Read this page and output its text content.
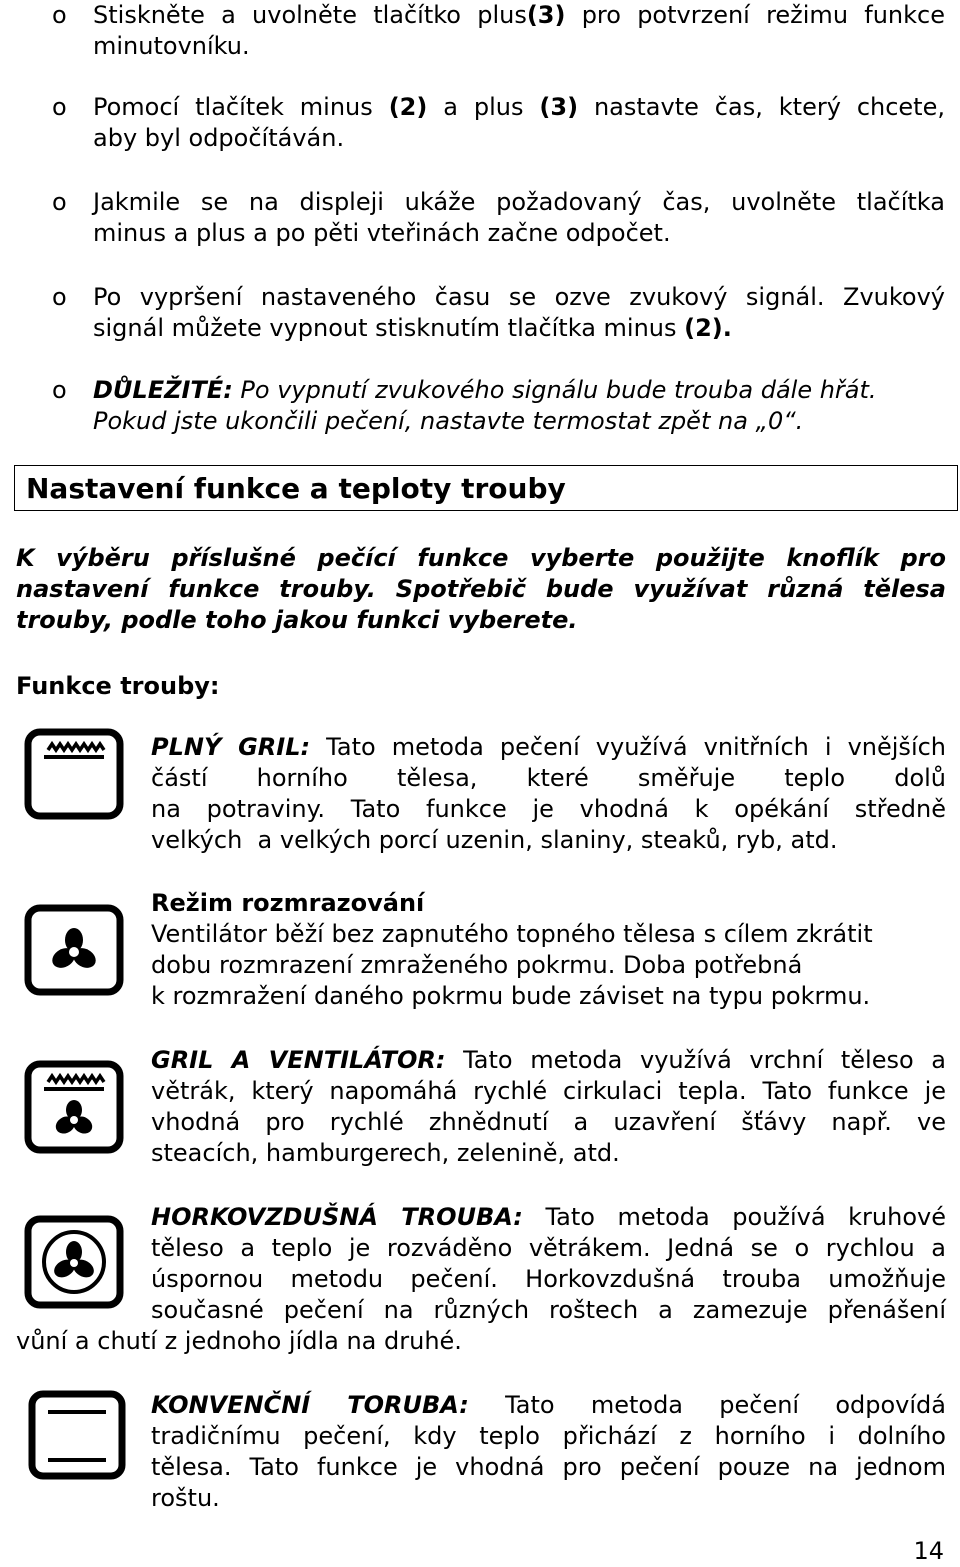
o Stiskněte a uvolněte tlačítko plus(3) pro potvrzení režimu funkce
minutovníku.
o Pomocí tlačítek minus (2) a plus (3) nastavte čas, který chcete,
aby byl odpočítáván.
o Jakmile se na displeji ukáže požadovaný čas, uvolněte tlačítka
minus a plus a po pěti vteřinách začne odpočet.
o Po vypršení nastaveného času se ozve zvukový signál. Zvukový
signál můžete vypnout stisknutím tlačítka minus (2).
o DŮLEŽITÉ: Po vypnutí zvukového signálu bude trouba dále hřát.
Pokud jste ukončili pečení, nastavte termostat zpět na „0“.
Nastavení funkce a teploty trouby
K výběru příslušné pečící funkce vyberte použijte knoflík pro
nastavení funkce trouby. Spotřebič bude využívat různá tělesa
trouby, podle toho jakou funkci vyberete.
Funkce trouby:
PLNÝ GRIL: Tato metoda pečení využívá vnitřních i vnějších
částí horního tělesa, které směřuje teplo dolů
na potraviny. Tato funkce je vhodná k opékání středně
velkých  a velkých porcí uzenin, slaniny, steaků, ryb, atd.
Režim rozmrazování
Ventilátor běží bez zapnutého topného tělesa s cílem zkrátit
dobu rozmrazení zmraženého pokrmu. Doba potřebná
k rozmražení daného pokrmu bude záviset na typu pokrmu.
GRIL A VENTILÁTOR: Tato metoda využívá vrchní těleso a
větrák, který napomáhá rychlé cirkulaci tepla. Tato funkce je
vhodná pro rychlé zhnědnutí a uzavření šťávy např. ve
steacích, hamburgerech, zelenině, atd.
HORKOVZDUŠNÁ TROUBA: Tato metoda používá kruhové
těleso a teplo je rozváděno větrákem. Jedná se o rychlou a
úspornou metodu pečení. Horkovzdušná trouba umožňuje
současné pečení na různých roštech a zamezuje přenášení
vůní a chutí z jednoho jídla na druhé.
KONVENČNÍ TORUBA: Tato metoda pečení odpovídá
tradičnímu pečení, kdy teplo přichází z horního i dolního
tělesa. Tato funkce je vhodná pro pečení pouze na jednom
roštu.
14
